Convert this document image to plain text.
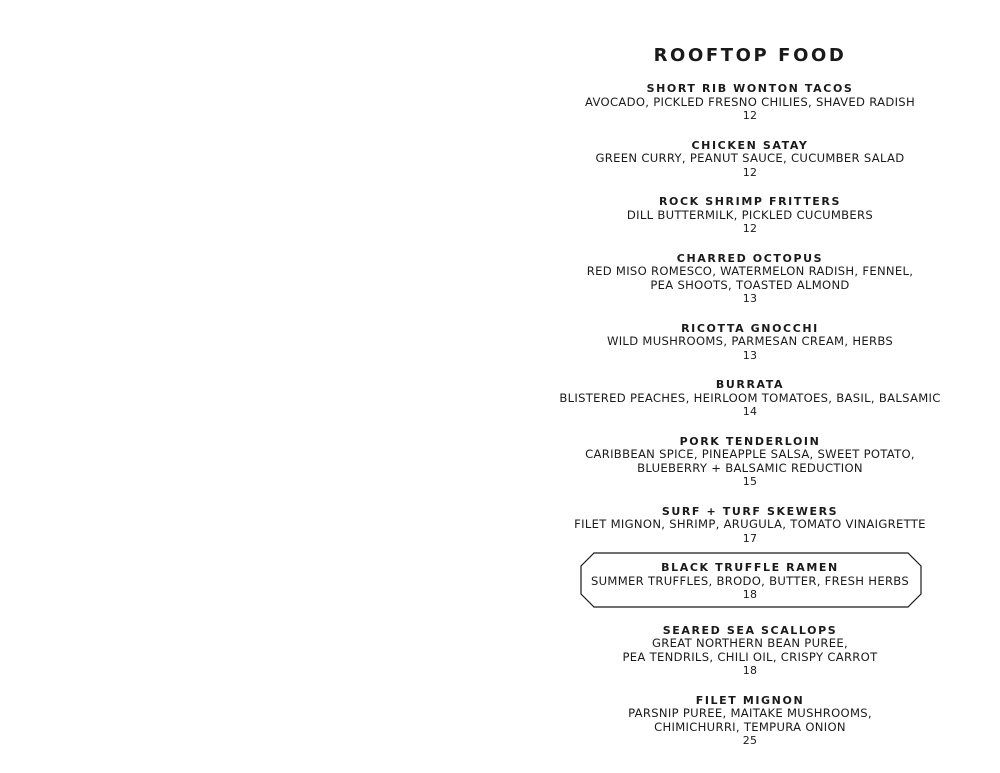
ROOFTOP FOOD
SHORT RIB WONTON TACOS
AVOCADO, PICKLED FRESNO CHILIES, SHAVED RADISH
12
CHICKEN SATAY
GREEN CURRY, PEANUT SAUCE, CUCUMBER SALAD
12
ROCK SHRIMP FRITTERS
DILL BUTTERMILK, PICKLED CUCUMBERS
12
CHARRED OCTOPUS
RED MISO ROMESCO, WATERMELON RADISH, FENNEL,
PEA SHOOTS, TOASTED ALMOND
13
RICOTTA GNOCCHI
WILD MUSHROOMS, PARMESAN CREAM, HERBS
13
BURRATA
BLISTERED PEACHES, HEIRLOOM TOMATOES, BASIL, BALSAMIC
14
PORK TENDERLOIN
CARIBBEAN SPICE, PINEAPPLE SALSA, SWEET POTATO,
BLUEBERRY + BALSAMIC REDUCTION
15
SURF + TURF SKEWERS
FILET MIGNON, SHRIMP, ARUGULA, TOMATO VINAIGRETTE
17
BLACK TRUFFLE RAMEN
SUMMER TRUFFLES, BRODO, BUTTER, FRESH HERBS
18
SEARED SEA SCALLOPS
GREAT NORTHERN BEAN PUREE,
PEA TENDRILS, CHILI OIL, CRISPY CARROT
18
FILET MIGNON
PARSNIP PUREE, MAITAKE MUSHROOMS,
CHIMICHURRI, TEMPURA ONION
25
